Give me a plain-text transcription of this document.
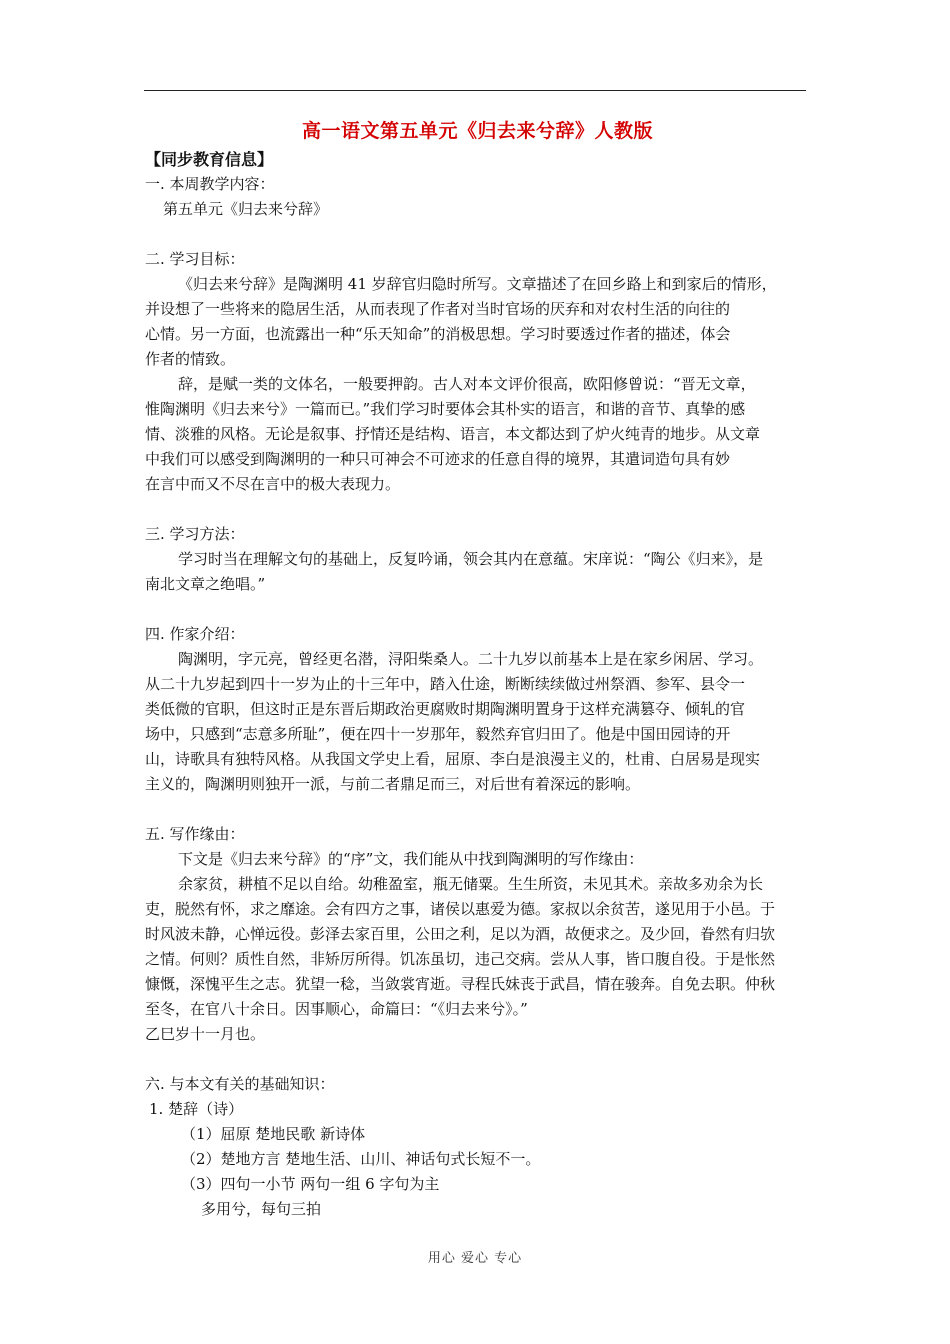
高一语文第五单元《归去来兮辞》人教版

【同步教育信息】

一. 本周教学内容：

第五单元《归去来兮辞》

二. 学习目标：

《归去来兮辞》是陶渊明 41 岁辞官归隐时所写。文章描述了在回乡路上和到家后的情形，
并设想了一些将来的隐居生活，从而表现了作者对当时官场的厌弃和对农村生活的向往的
心情。另一方面，也流露出一种“乐天知命”的消极思想。学习时要透过作者的描述，体会
作者的情致。
辞，是赋一类的文体名，一般要押韵。古人对本文评价很高，欧阳修曾说：“晋无文章，
惟陶渊明《归去来兮》一篇而已。”我们学习时要体会其朴实的语言，和谐的音节、真挚的感
情、淡雅的风格。无论是叙事、抒情还是结构、语言，本文都达到了炉火纯青的地步。从文章
中我们可以感受到陶渊明的一种只可神会不可迹求的任意自得的境界，其遣词造句具有妙
在言中而又不尽在言中的极大表现力。

三. 学习方法：

学习时当在理解文句的基础上，反复吟诵，领会其内在意蕴。宋庠说：“陶公《归来》，是
南北文章之绝唱。”

四. 作家介绍：

陶渊明，字元亮，曾经更名潜，浔阳柴桑人。二十九岁以前基本上是在家乡闲居、学习。
从二十九岁起到四十一岁为止的十三年中，踏入仕途，断断续续做过州祭酒、参军、县令一
类低微的官职，但这时正是东晋后期政治更腐败时期陶渊明置身于这样充满篡夺、倾轧的官
场中，只感到“志意多所耻”，便在四十一岁那年，毅然弃官归田了。他是中国田园诗的开
山，诗歌具有独特风格。从我国文学史上看，屈原、李白是浪漫主义的，杜甫、白居易是现实
主义的，陶渊明则独开一派，与前二者鼎足而三，对后世有着深远的影响。

五. 写作缘由：

下文是《归去来兮辞》的“序”文，我们能从中找到陶渊明的写作缘由：
余家贫，耕植不足以自给。幼稚盈室，瓶无储粟。生生所资，未见其术。亲故多劝余为长
吏，脱然有怀，求之靡途。会有四方之事，诸侯以惠爱为德。家叔以余贫苦，遂见用于小邑。于
时风波未静，心惮远役。彭泽去家百里，公田之利，足以为酒，故便求之。及少回，眷然有归欤
之情。何则？质性自然，非矫厉所得。饥冻虽切，违己交病。尝从人事，皆口腹自役。于是怅然
慷慨，深愧平生之志。犹望一稔，当敛裳宵逝。寻程氏妹丧于武昌，情在骏奔。自免去职。仲秋
至冬，在官八十余日。因事顺心，命篇曰：“《归去来兮》。”

乙巳岁十一月也。

六. 与本文有关的基础知识：

1. 楚辞（诗）

（1）屈原 楚地民歌 新诗体

（2）楚地方言 楚地生活、山川、神话句式长短不一。

（3）四句一小节 两句一组 6 字句为主

多用兮，每句三拍

用心 爱心 专心
